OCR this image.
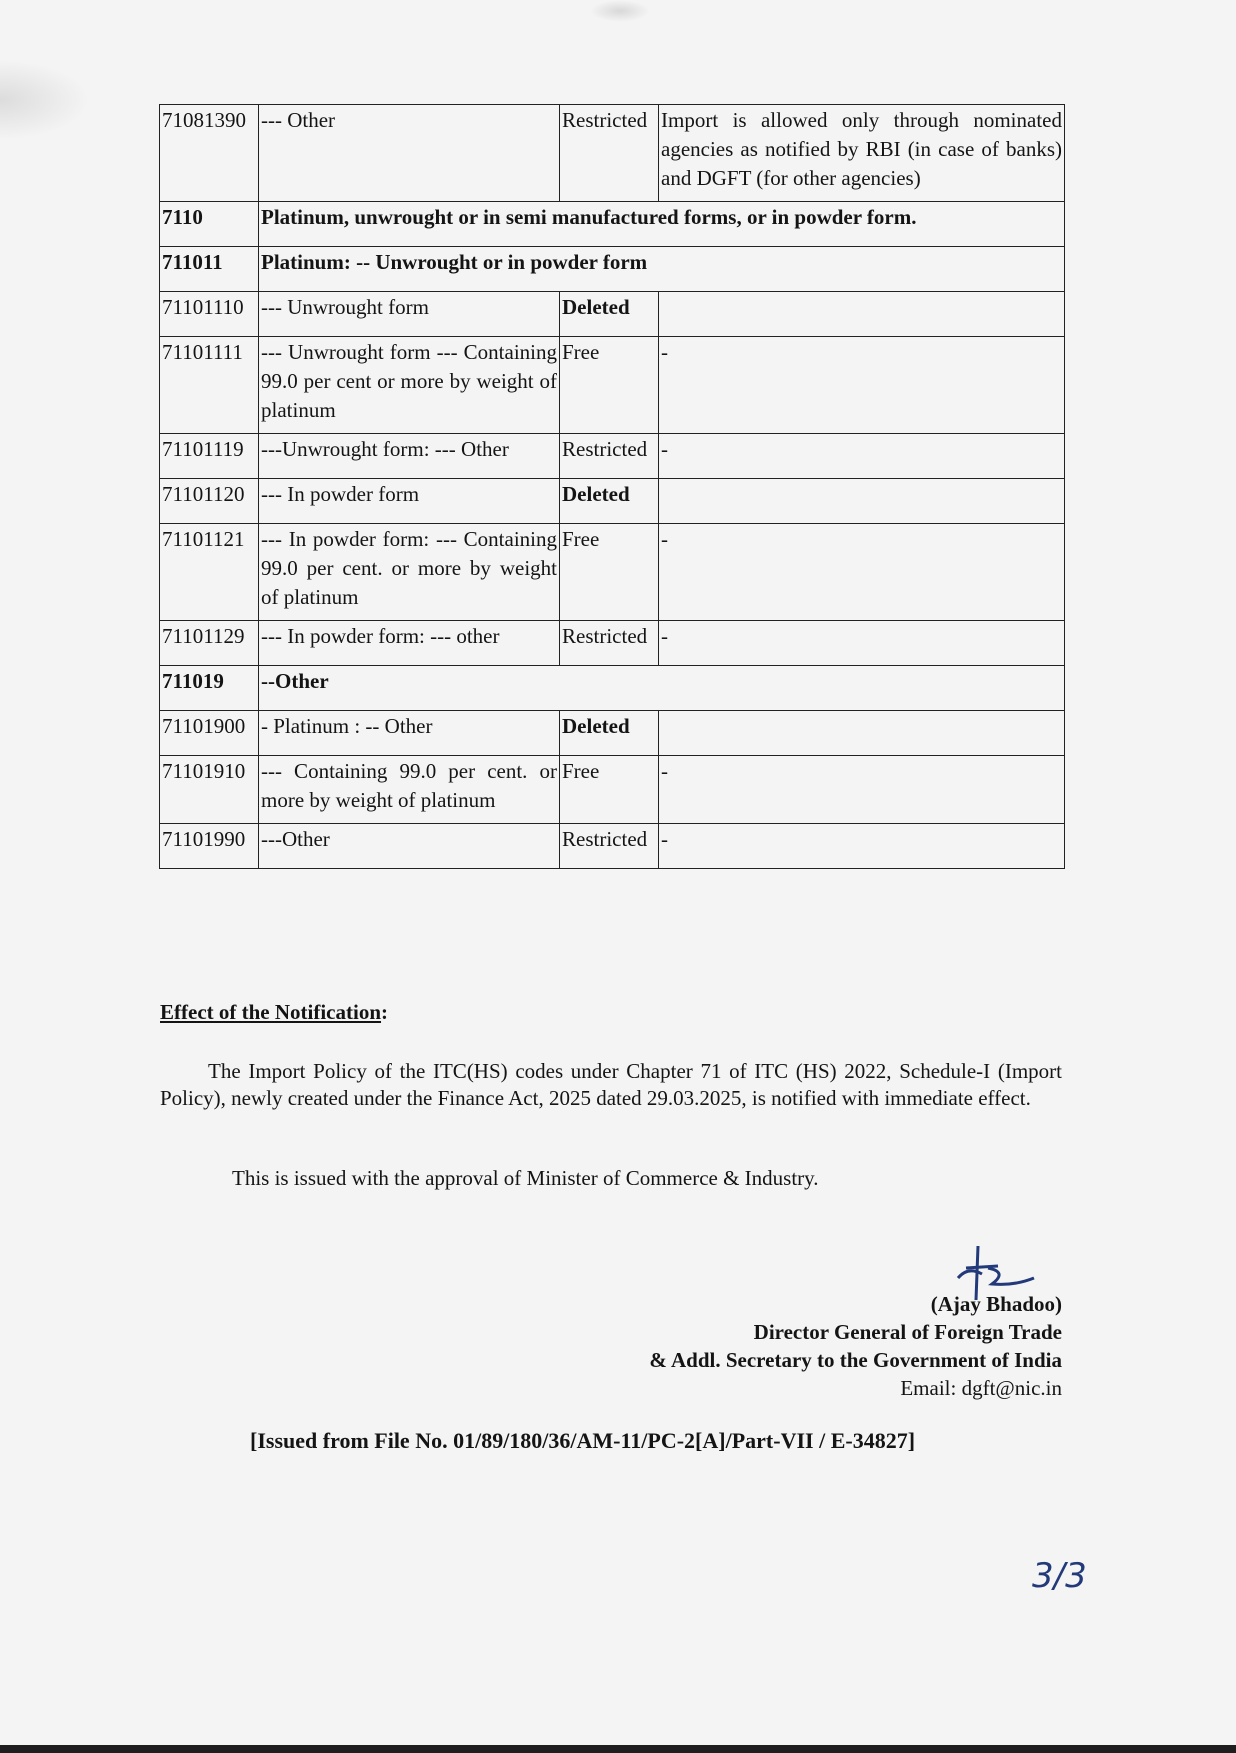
71081390	--- Other	Restricted	Import is allowed only through nominated agencies as notified by RBI (in case of banks) and DGFT (for other agencies)
7110	Platinum, unwrought or in semi manufactured forms, or in powder form.		
711011	Platinum: -- Unwrought or in powder form		
71101110	--- Unwrought form	Deleted	
71101111	--- Unwrought form --- Containing 99.0 per cent or more by weight of platinum	Free	-
71101119	---Unwrought form: --- Other	Restricted	-
71101120	--- In powder form	Deleted	
71101121	--- In powder form: --- Containing 99.0 per cent. or more by weight of platinum	Free	-
71101129	--- In powder form: --- other	Restricted	-
711019	--Other		
71101900	- Platinum : -- Other	Deleted	
71101910	--- Containing 99.0 per cent. or more by weight of platinum	Free	-
71101990	---Other	Restricted	-
Effect of the Notification:
The Import Policy of the ITC(HS) codes under Chapter 71 of ITC (HS) 2022, Schedule-I (Import Policy), newly created under the Finance Act, 2025 dated 29.03.2025, is notified with immediate effect.
This is issued with the approval of Minister of Commerce & Industry.
(Ajay Bhadoo)
Director General of Foreign Trade
& Addl. Secretary to the Government of India
Email: dgft@nic.in
[Issued from File No. 01/89/180/36/AM-11/PC-2[A]/Part-VII / E-34827]
3/3
